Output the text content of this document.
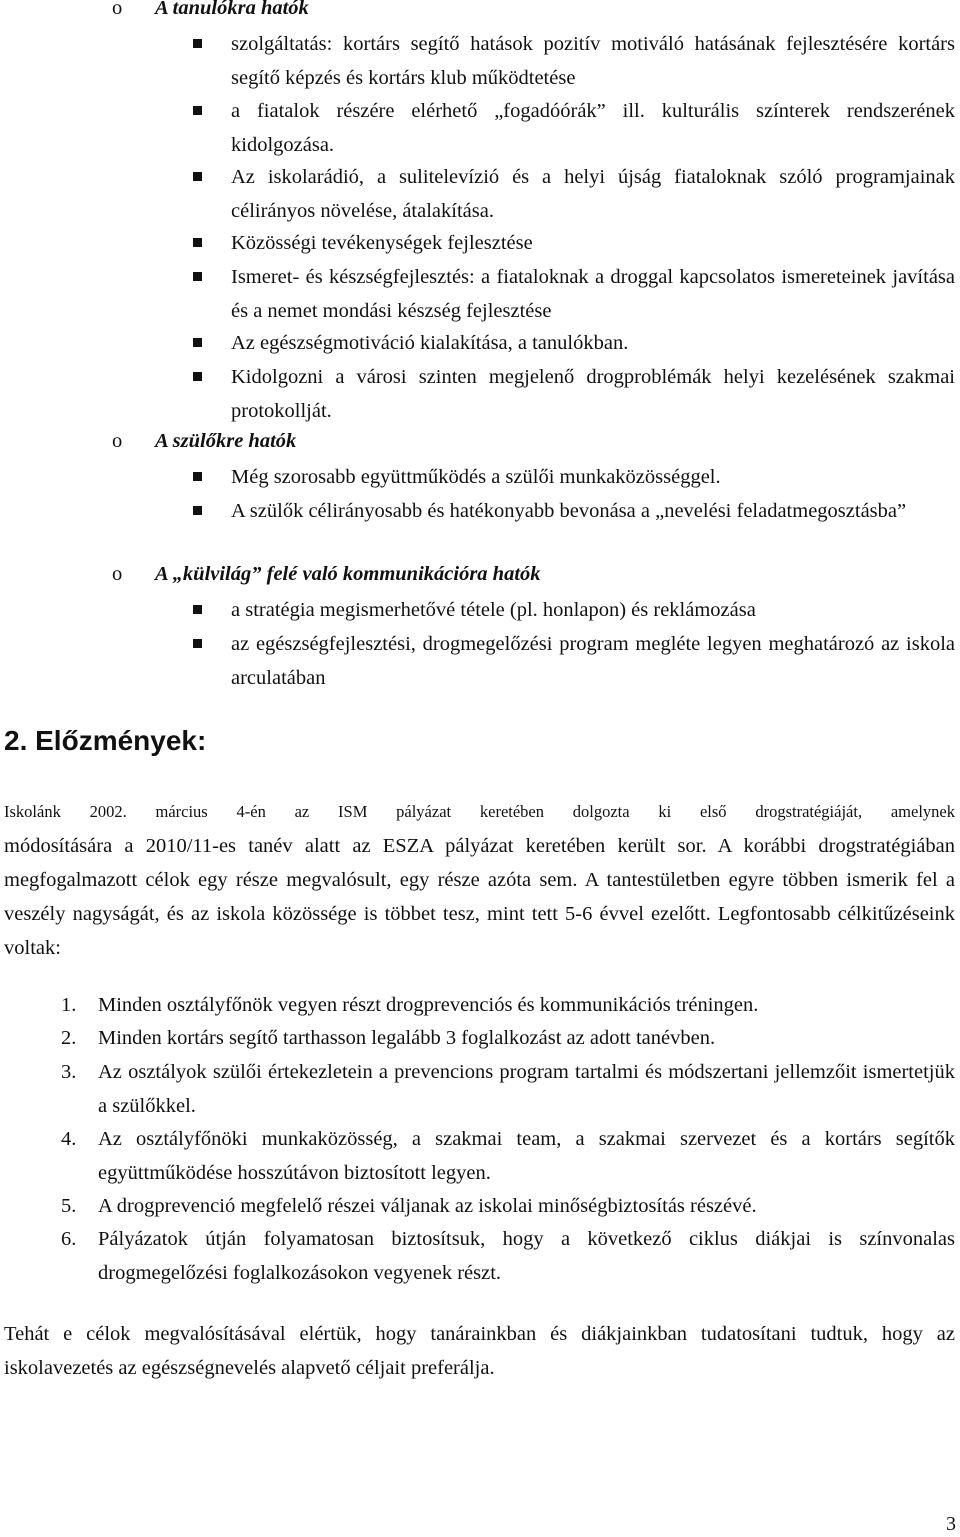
o A tanulókra hatók
szolgáltatás: kortárs segítő hatások pozitív motiváló hatásának fejlesztésére kortárs segítő képzés és kortárs klub működtetése
a fiatalok részére elérhető „fogadóórák” ill. kulturális színterek rendszerének kidolgozása.
Az iskolarádió, a sulitelevízió és a helyi újság fiataloknak szóló programjainak célirányos növelése, átalakítása.
Közösségi tevékenységek fejlesztése
Ismeret- és készségfejlesztés: a fiataloknak a droggal kapcsolatos ismereteinek javítása és a nemet mondási készség fejlesztése
Az egészségmotiváció kialakítása, a tanulókban.
Kidolgozni a városi szinten megjelenő drogproblémák helyi kezelésének szakmai protokollját.
o A szülőkre hatók
Még szorosabb együttműködés a szülői munkaközösséggel.
A szülők célirányosabb és hatékonyabb bevonása a „nevelési feladatmegosztásba”
o A „külvilág” felé való kommunikációra hatók
a stratégia megismerhetővé tétele (pl. honlapon) és reklámozása
az egészségfejlesztési, drogmegelőzési program megléte legyen meghatározó az iskola arculatában
2. Előzmények:
Iskolánk 2002. március 4-én az ISM pályázat keretében dolgozta ki első drogstratégiáját, amelynek
módosítására a 2010/11-es tanév alatt az ESZA pályázat keretében került sor. A korábbi drogstratégiában megfogalmazott célok egy része megvalósult, egy része azóta sem. A tantestületben egyre többen ismerik fel a veszély nagyságát, és az iskola közössége is többet tesz, mint tett 5-6 évvel ezelőtt. Legfontosabb célkitűzéseink voltak:
1. Minden osztályfőnök vegyen részt drogprevenciós és kommunikációs tréningen.
2. Minden kortárs segítő tarthasson legalább 3 foglalkozást az adott tanévben.
3. Az osztályok szülői értekezletein a prevencions program tartalmi és módszertani jellemzőit ismertetjük a szülőkkel.
4. Az osztályfőnöki munkaközösség, a szakmai team, a szakmai szervezet és a kortárs segítők együttműködése hosszútávon biztosított legyen.
5. A drogprevenció megfelelő részei váljanak az iskolai minőségbiztosítás részévé.
6. Pályázatok útján folyamatosan biztosítsuk, hogy a következő ciklus diákjai is színvonalas drogmegelőzési foglalkozásokon vegyenek részt.
Tehát e célok megvalósításával elértük, hogy tanárainkban és diákjainkban tudatosítani tudtuk, hogy az iskolavezetés az egészségnevelés alapvető céljait preferálja.
3
